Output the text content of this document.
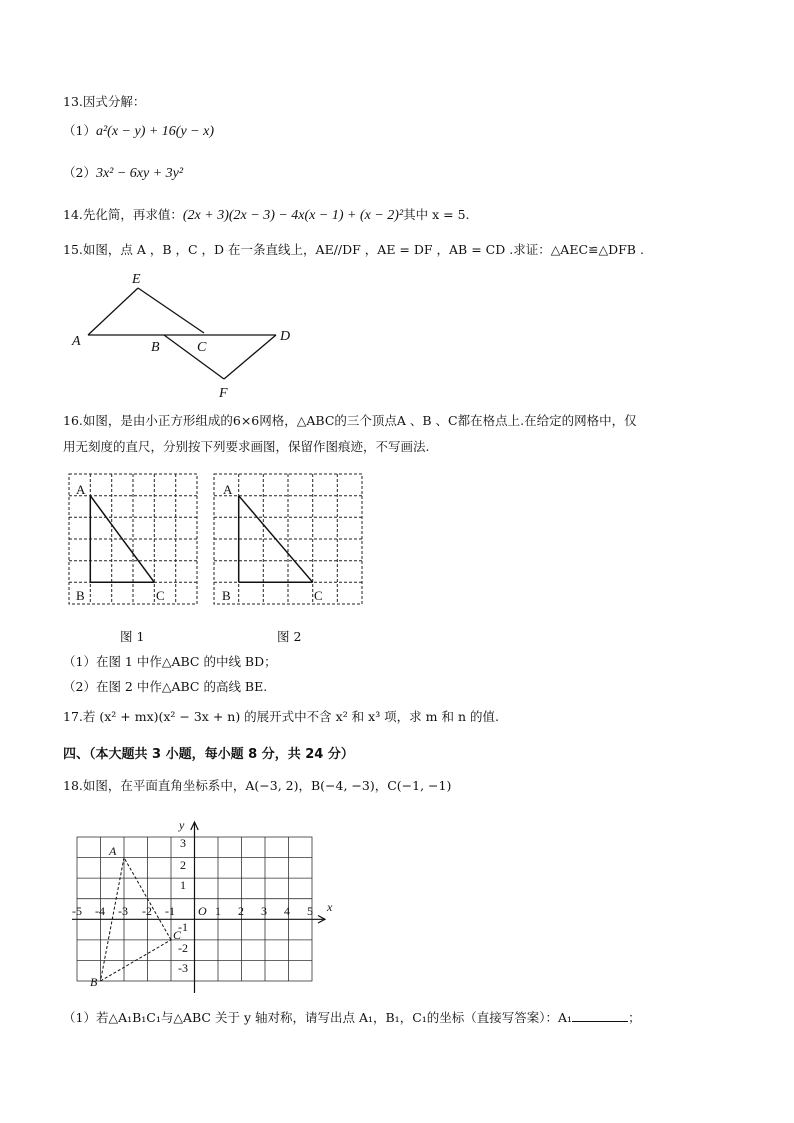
13.因式分解：
（1）a²(x − y) + 16(y − x)
（2）3x² − 6xy + 3y²
14.先化简，再求值：(2x + 3)(2x − 3) − 4x(x − 1) + (x − 2)²其中 x = 5.
15.如图，点 A ，B ，C ，D 在一条直线上，AE//DF ，AE = DF ，AB = CD .求证：△AEC≌△DFB .
A
E
B	C
D
F
16.如图，是由小正方形组成的6×6网格，△ABC的三个顶点A 、B 、C都在格点上.在给定的网格中，仅
用无刻度的直尺，分别按下列要求画图，保留作图痕迹，不写画法.
A
B	C
A
B	C
图 1	图 2
（1）在图 1 中作△ABC 的中线 BD；
（2）在图 2 中作△ABC 的高线 BE.
17.若 (x² + mx)(x² − 3x + n) 的展开式中不含 x² 和 x³ 项，求 m 和 n 的值.
四、（本大题共 3 小题，每小题 8 分，共 24 分）
18.如图，在平面直角坐标系中，A(−3, 2)，B(−4, −3)，C(−1, −1)
x
y
O
-5 -4 -3 -2 -1	1 2 3 4 5
3
2
1
-1
-2
-3
A
B
C
（1）若△A₁B₁C₁与△ABC 关于 y 轴对称，请写出点 A₁，B₁，C₁的坐标（直接写答案）：A₁	；
